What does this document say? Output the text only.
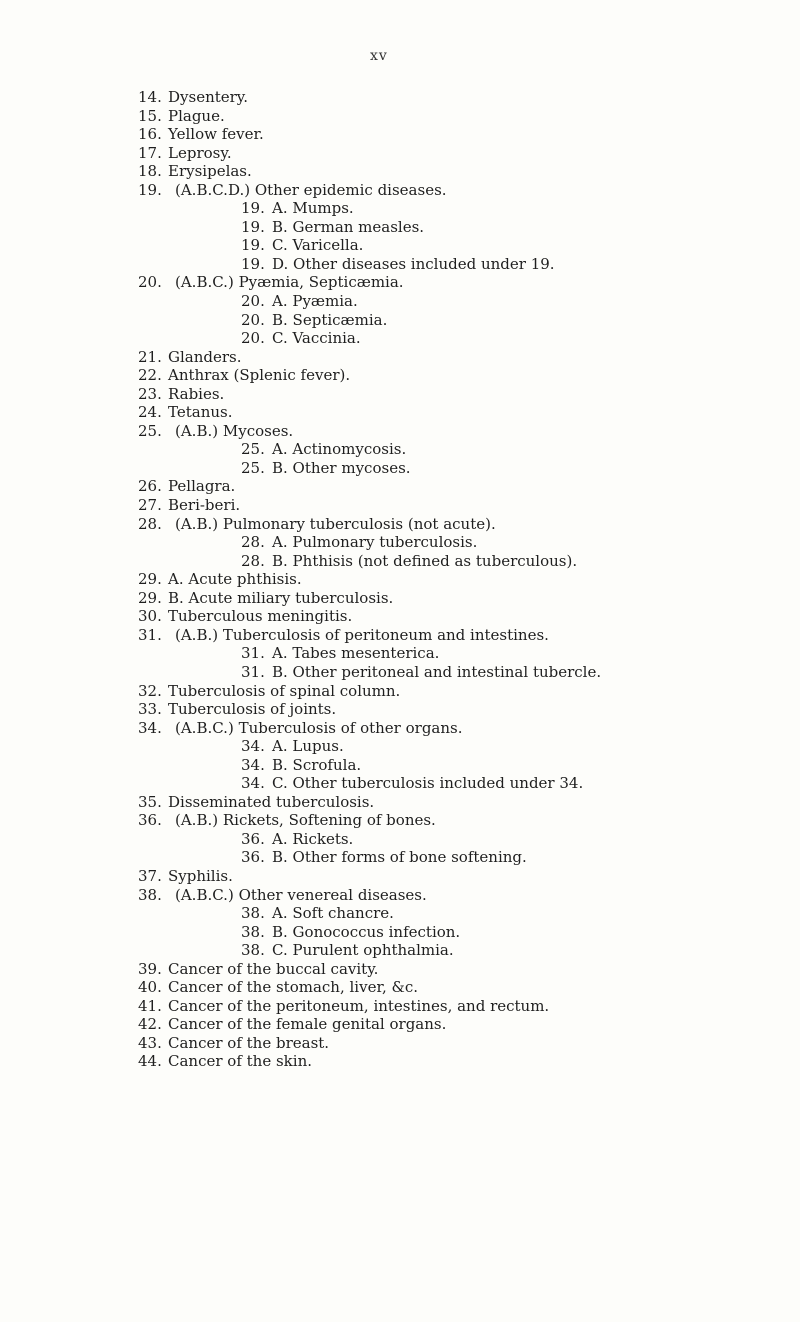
xv
14. Dysentery.
15. Plague.
16. Yellow fever.
17. Leprosy.
18. Erysipelas.
19. (A.B.C.D.) Other epidemic diseases.
19. A. Mumps.
19. B. German measles.
19. C. Varicella.
19. D. Other diseases included under 19.
20. (A.B.C.) Pyæmia, Septicæmia.
20. A. Pyæmia.
20. B. Septicæmia.
20. C. Vaccinia.
21. Glanders.
22. Anthrax (Splenic fever).
23. Rabies.
24. Tetanus.
25. (A.B.) Mycoses.
25. A. Actinomycosis.
25. B. Other mycoses.
26. Pellagra.
27. Beri-beri.
28. (A.B.) Pulmonary tuberculosis (not acute).
28. A. Pulmonary tuberculosis.
28. B. Phthisis (not defined as tuberculous).
29. A. Acute phthisis.
29. B. Acute miliary tuberculosis.
30. Tuberculous meningitis.
31. (A.B.) Tuberculosis of peritoneum and intestines.
31. A. Tabes mesenterica.
31. B. Other peritoneal and intestinal tubercle.
32. Tuberculosis of spinal column.
33. Tuberculosis of joints.
34. (A.B.C.) Tuberculosis of other organs.
34. A. Lupus.
34. B. Scrofula.
34. C. Other tuberculosis included under 34.
35. Disseminated tuberculosis.
36. (A.B.) Rickets, Softening of bones.
36. A. Rickets.
36. B. Other forms of bone softening.
37. Syphilis.
38. (A.B.C.) Other venereal diseases.
38. A. Soft chancre.
38. B. Gonococcus infection.
38. C. Purulent ophthalmia.
39. Cancer of the buccal cavity.
40. Cancer of the stomach, liver, &c.
41. Cancer of the peritoneum, intestines, and rectum.
42. Cancer of the female genital organs.
43. Cancer of the breast.
44. Cancer of the skin.
